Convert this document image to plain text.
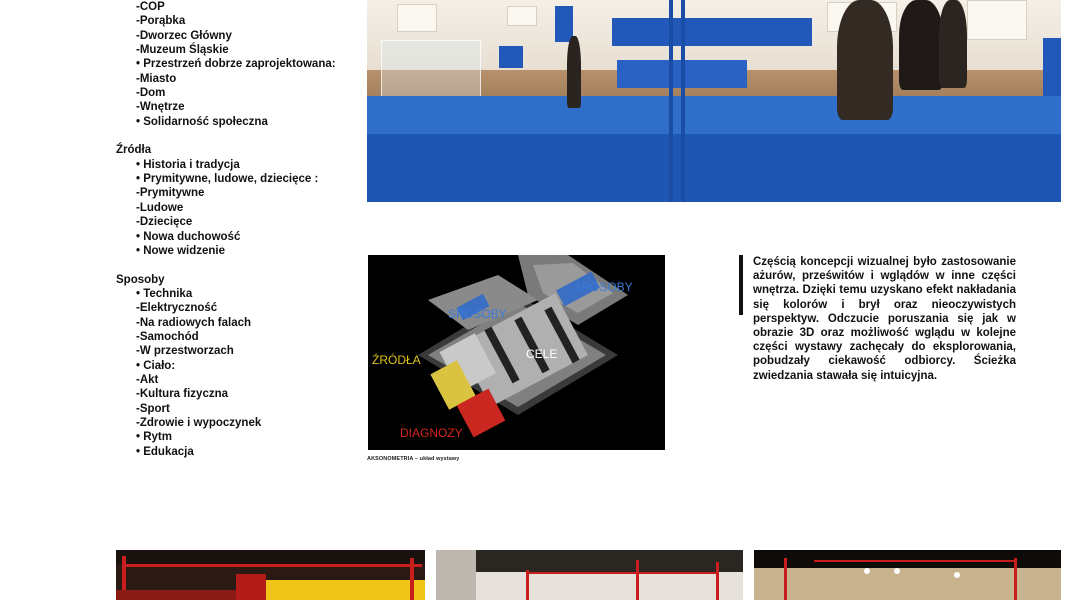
-COP
-Porąbka
-Dworzec Główny
-Muzeum Śląskie
• Przestrzeń dobrze zaprojektowana:
-Miasto
-Dom
-Wnętrze
• Solidarność społeczna
Źródła
• Historia i tradycja
• Prymitywne, ludowe, dziecięce :
-Prymitywne
-Ludowe
-Dziecięce
• Nowa duchowość
• Nowe widzenie
Sposoby
• Technika
-Elektryczność
-Na radiowych falach
-Samochód
-W przestworzach
• Ciało:
-Akt
-Kultura fizyczna
-Sport
-Zdrowie i wypoczynek
• Rytm
• Edukacja
SPOSOBY
SPOSOBY
ŹRÓDŁA	CELE
DIAGNOZY
AKSONOMETRIA – układ wystawy
Częścią koncepcji wizualnej było zastosowanie ażurów, prześwitów i wglądów w inne części wnętrza. Dzięki temu uzyskano efekt nakładania się kolorów i brył oraz nieoczywistych perspektyw. Odczucie poruszania się jak w obrazie 3D oraz możliwość wglądu w kolejne części wystawy zachęcały do eksplorowania, pobudzały ciekawość odbiorcy. Ścieżka zwiedzania stawała się intuicyjna.
